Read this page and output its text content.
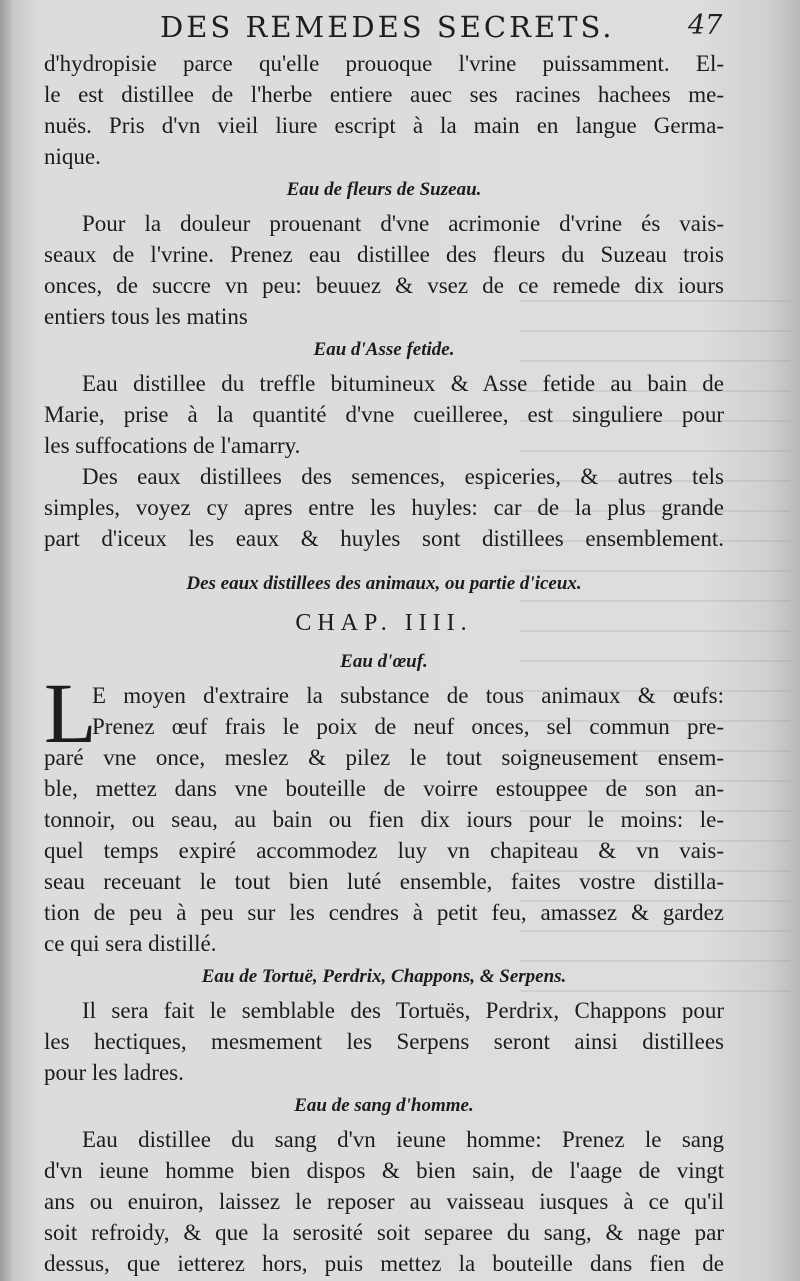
DES REMEDES SECRETS.	47
d'hydropisie parce qu'elle prouoque l'vrine puissamment. El-
le est distillee de l'herbe entiere auec ses racines hachees me-
nuës. Pris d'vn vieil liure escript à la main en langue Germa-
nique.
Eau de fleurs de Suzeau.
Pour la douleur prouenant d'vne acrimonie d'vrine és vais-
seaux de l'vrine. Prenez eau distillee des fleurs du Suzeau trois
onces, de succre vn peu: beuuez & vsez de ce remede dix iours
entiers tous les matins
Eau d'Asse fetide.
Eau distillee du treffle bitumineux & Asse fetide au bain de
Marie, prise à la quantité d'vne cueilleree, est singuliere pour
les suffocations de l'amarry.
Des eaux distillees des semences, espiceries, & autres tels
simples, voyez cy apres entre les huyles: car de la plus grande
part d'iceux les eaux & huyles sont distillees ensemblement.
Des eaux distillees des animaux, ou partie d'iceux.
CHAP. IIII.
Eau d'œuf.
L
E moyen d'extraire la substance de tous animaux & œufs:
Prenez œuf frais le poix de neuf onces, sel commun pre-
paré vne once, meslez & pilez le tout soigneusement ensem-
ble, mettez dans vne bouteille de voirre estouppee de son an-
tonnoir, ou seau, au bain ou fien dix iours pour le moins: le-
quel temps expiré accommodez luy vn chapiteau & vn vais-
seau receuant le tout bien luté ensemble, faites vostre distilla-
tion de peu à peu sur les cendres à petit feu, amassez & gardez
ce qui sera distillé.
Eau de Tortuë, Perdrix, Chappons, & Serpens.
Il sera fait le semblable des Tortuës, Perdrix, Chappons pour
les hectiques, mesmement les Serpens seront ainsi distillees
pour les ladres.
Eau de sang d'homme.
Eau distillee du sang d'vn ieune homme: Prenez le sang
d'vn ieune homme bien dispos & bien sain, de l'aage de vingt
ans ou enuiron, laissez le reposer au vaisseau iusques à ce qu'il
soit refroidy, & que la serosité soit separee du sang, & nage par
dessus, que ietterez hors, puis mettez la bouteille dans fien de
